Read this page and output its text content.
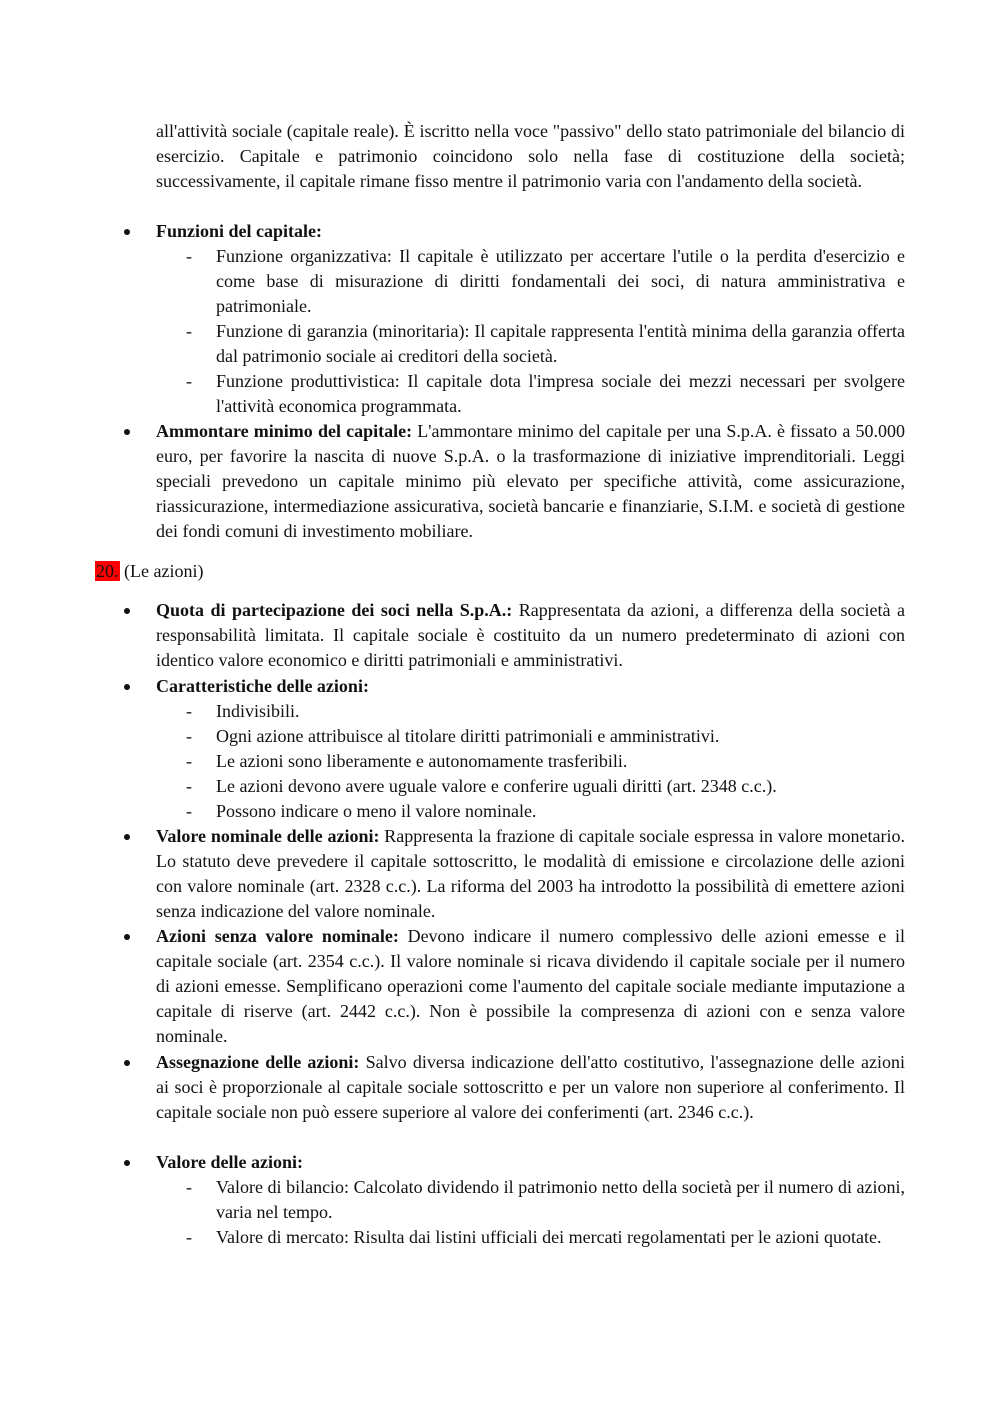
all'attività sociale (capitale reale). È iscritto nella voce "passivo" dello stato patrimoniale del bilancio di esercizio. Capitale e patrimonio coincidono solo nella fase di costituzione della società; successivamente, il capitale rimane fisso mentre il patrimonio varia con l'andamento della società.
Funzioni del capitale:
- Funzione organizzativa: Il capitale è utilizzato per accertare l'utile o la perdita d'esercizio e come base di misurazione di diritti fondamentali dei soci, di natura amministrativa e patrimoniale.
- Funzione di garanzia (minoritaria): Il capitale rappresenta l'entità minima della garanzia offerta dal patrimonio sociale ai creditori della società.
- Funzione produttivistica: Il capitale dota l'impresa sociale dei mezzi necessari per svolgere l'attività economica programmata.
Ammontare minimo del capitale: L'ammontare minimo del capitale per una S.p.A. è fissato a 50.000 euro, per favorire la nascita di nuove S.p.A. o la trasformazione di iniziative imprenditoriali. Leggi speciali prevedono un capitale minimo più elevato per specifiche attività, come assicurazione, riassicurazione, intermediazione assicurativa, società bancarie e finanziarie, S.I.M. e società di gestione dei fondi comuni di investimento mobiliare.
20. (Le azioni)
Quota di partecipazione dei soci nella S.p.A.: Rappresentata da azioni, a differenza della società a responsabilità limitata. Il capitale sociale è costituito da un numero predeterminato di azioni con identico valore economico e diritti patrimoniali e amministrativi.
Caratteristiche delle azioni:
- Indivisibili.
- Ogni azione attribuisce al titolare diritti patrimoniali e amministrativi.
- Le azioni sono liberamente e autonomamente trasferibili.
- Le azioni devono avere uguale valore e conferire uguali diritti (art. 2348 c.c.).
- Possono indicare o meno il valore nominale.
Valore nominale delle azioni: Rappresenta la frazione di capitale sociale espressa in valore monetario. Lo statuto deve prevedere il capitale sottoscritto, le modalità di emissione e circolazione delle azioni con valore nominale (art. 2328 c.c.). La riforma del 2003 ha introdotto la possibilità di emettere azioni senza indicazione del valore nominale.
Azioni senza valore nominale: Devono indicare il numero complessivo delle azioni emesse e il capitale sociale (art. 2354 c.c.). Il valore nominale si ricava dividendo il capitale sociale per il numero di azioni emesse. Semplificano operazioni come l'aumento del capitale sociale mediante imputazione a capitale di riserve (art. 2442 c.c.). Non è possibile la compresenza di azioni con e senza valore nominale.
Assegnazione delle azioni: Salvo diversa indicazione dell'atto costitutivo, l'assegnazione delle azioni ai soci è proporzionale al capitale sociale sottoscritto e per un valore non superiore al conferimento. Il capitale sociale non può essere superiore al valore dei conferimenti (art. 2346 c.c.).
Valore delle azioni:
- Valore di bilancio: Calcolato dividendo il patrimonio netto della società per il numero di azioni, varia nel tempo.
- Valore di mercato: Risulta dai listini ufficiali dei mercati regolamentati per le azioni quotate.
